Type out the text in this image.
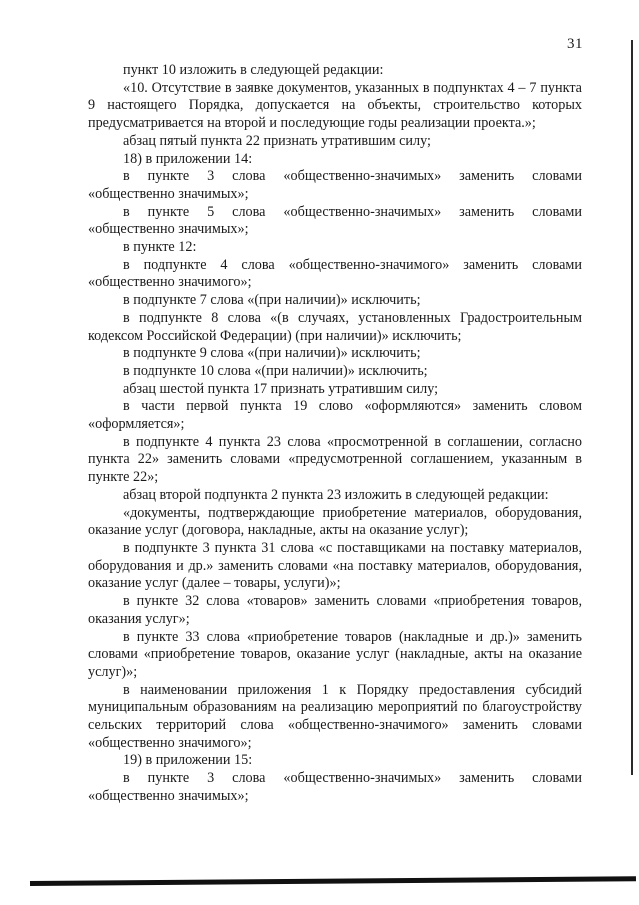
31

пункт 10 изложить в следующей редакции:

«10. Отсутствие в заявке документов, указанных в подпунктах 4 – 7 пункта 9 настоящего Порядка, допускается на объекты, строительство которых предусматривается на второй и последующие годы реализации проекта.»;

абзац пятый пункта 22 признать утратившим силу;

18) в приложении 14:

в пункте 3 слова «общественно-значимых» заменить словами «общественно значимых»;

в пункте 5 слова «общественно-значимых» заменить словами «общественно значимых»;

в пункте 12:

в подпункте 4 слова «общественно-значимого» заменить словами «общественно значимого»;

в подпункте 7 слова «(при наличии)» исключить;

в подпункте 8 слова «(в случаях, установленных Градостроительным кодексом Российской Федерации) (при наличии)» исключить;

в подпункте 9 слова «(при наличии)» исключить;

в подпункте 10 слова «(при наличии)» исключить;

абзац шестой пункта 17 признать утратившим силу;

в части первой пункта 19 слово «оформляются» заменить словом «оформляется»;

в подпункте 4 пункта 23 слова «просмотренной в соглашении, согласно пункта 22» заменить словами «предусмотренной соглашением, указанным в пункте 22»;

абзац второй подпункта 2 пункта 23 изложить в следующей редакции:

«документы, подтверждающие приобретение материалов, оборудования, оказание услуг (договора, накладные, акты на оказание услуг);

в подпункте 3 пункта 31 слова «с поставщиками на поставку материалов, оборудования и др.» заменить словами «на поставку материалов, оборудования, оказание услуг (далее – товары, услуги)»;

в пункте 32 слова «товаров» заменить словами «приобретения товаров, оказания услуг»;

в пункте 33 слова «приобретение товаров (накладные и др.)» заменить словами «приобретение товаров, оказание услуг (накладные, акты на оказание услуг)»;

в наименовании приложения 1 к Порядку предоставления субсидий муниципальным образованиям на реализацию мероприятий по благоустройству сельских территорий слова «общественно-значимого» заменить словами «общественно значимого»;

19) в приложении 15:

в пункте 3 слова «общественно-значимых» заменить словами «общественно значимых»;
